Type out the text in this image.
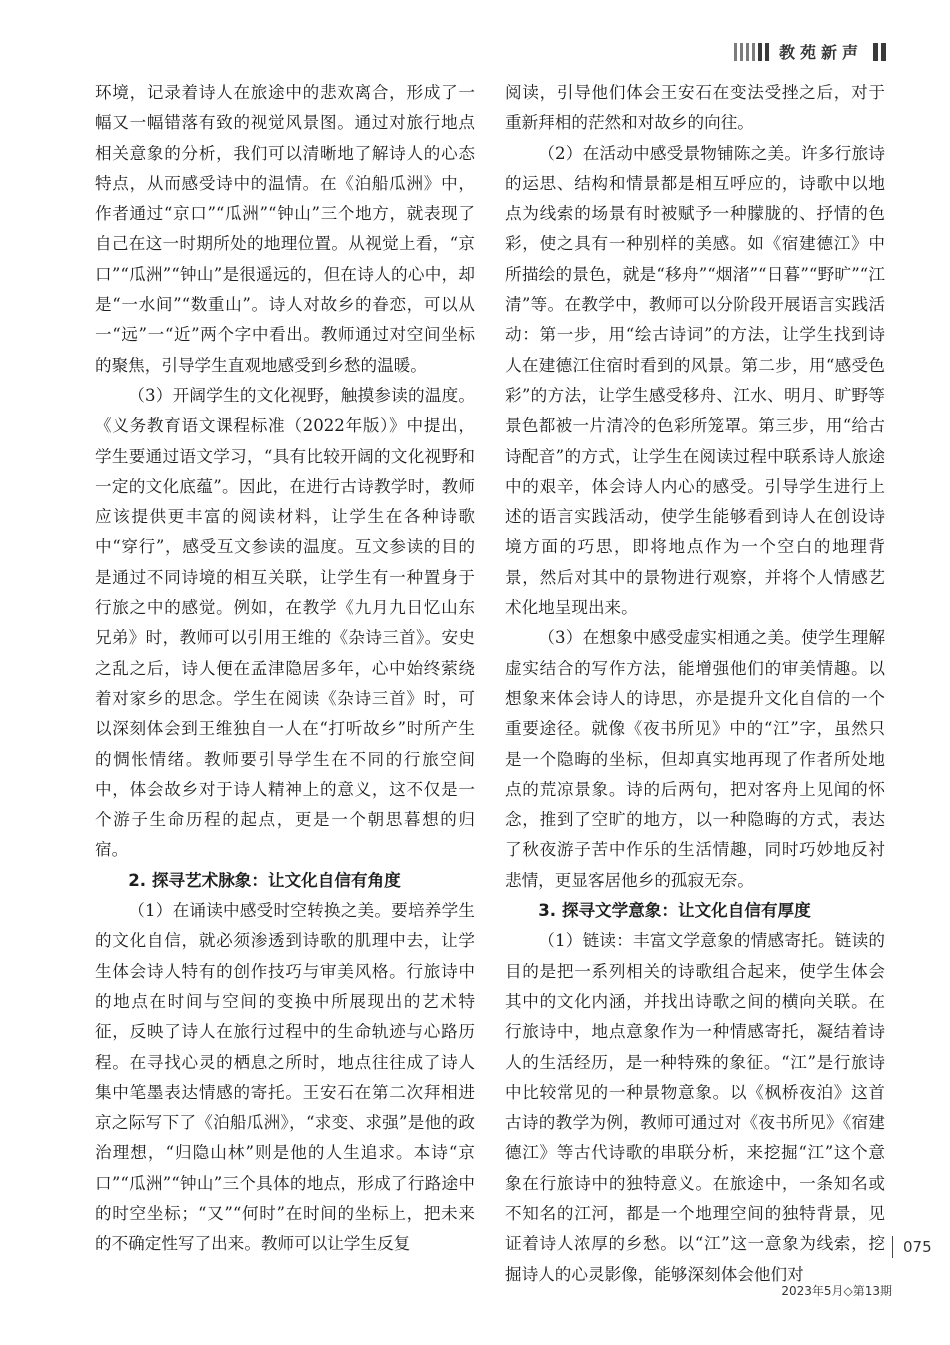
教苑新声

环境，记录着诗人在旅途中的悲欢离合，形成了一幅又一幅错落有致的视觉风景图。通过对旅行地点相关意象的分析，我们可以清晰地了解诗人的心态特点，从而感受诗中的温情。在《泊船瓜洲》中，作者通过“京口”“瓜洲”“钟山”三个地方，就表现了自己在这一时期所处的地理位置。从视觉上看，“京口”“瓜洲”“钟山”是很遥远的，但在诗人的心中，却是“一水间”“数重山”。诗人对故乡的眷恋，可以从一“远”一“近”两个字中看出。教师通过对空间坐标的聚焦，引导学生直观地感受到乡愁的温暖。

（3）开阔学生的文化视野，触摸参读的温度。《义务教育语文课程标准（2022年版）》中提出，学生要通过语文学习，“具有比较开阔的文化视野和一定的文化底蕴”。因此，在进行古诗教学时，教师应该提供更丰富的阅读材料，让学生在各种诗歌中“穿行”，感受互文参读的温度。互文参读的目的是通过不同诗境的相互关联，让学生有一种置身于行旅之中的感觉。例如，在教学《九月九日忆山东兄弟》时，教师可以引用王维的《杂诗三首》。安史之乱之后，诗人便在孟津隐居多年，心中始终萦绕着对家乡的思念。学生在阅读《杂诗三首》时，可以深刻体会到王维独自一人在“打听故乡”时所产生的惆怅情绪。教师要引导学生在不同的行旅空间中，体会故乡对于诗人精神上的意义，这不仅是一个游子生命历程的起点，更是一个朝思暮想的归宿。

2. 探寻艺术脉象：让文化自信有角度

（1）在诵读中感受时空转换之美。要培养学生的文化自信，就必须渗透到诗歌的肌理中去，让学生体会诗人特有的创作技巧与审美风格。行旅诗中的地点在时间与空间的变换中所展现出的艺术特征，反映了诗人在旅行过程中的生命轨迹与心路历程。在寻找心灵的栖息之所时，地点往往成了诗人集中笔墨表达情感的寄托。王安石在第二次拜相进京之际写下了《泊船瓜洲》，“求变、求强”是他的政治理想，“归隐山林”则是他的人生追求。本诗“京口”“瓜洲”“钟山”三个具体的地点，形成了行路途中的时空坐标；“又”“何时”在时间的坐标上，把未来的不确定性写了出来。教师可以让学生反复

阅读，引导他们体会王安石在变法受挫之后，对于重新拜相的茫然和对故乡的向往。

（2）在活动中感受景物铺陈之美。许多行旅诗的运思、结构和情景都是相互呼应的，诗歌中以地点为线索的场景有时被赋予一种朦胧的、抒情的色彩，使之具有一种别样的美感。如《宿建德江》中所描绘的景色，就是“移舟”“烟渚”“日暮”“野旷”“江清”等。在教学中，教师可以分阶段开展语言实践活动：第一步，用“绘古诗词”的方法，让学生找到诗人在建德江住宿时看到的风景。第二步，用“感受色彩”的方法，让学生感受移舟、江水、明月、旷野等景色都被一片清冷的色彩所笼罩。第三步，用“给古诗配音”的方式，让学生在阅读过程中联系诗人旅途中的艰辛，体会诗人内心的感受。引导学生进行上述的语言实践活动，使学生能够看到诗人在创设诗境方面的巧思，即将地点作为一个空白的地理背景，然后对其中的景物进行观察，并将个人情感艺术化地呈现出来。

（3）在想象中感受虚实相通之美。使学生理解虚实结合的写作方法，能增强他们的审美情趣。以想象来体会诗人的诗思，亦是提升文化自信的一个重要途径。就像《夜书所见》中的“江”字，虽然只是一个隐晦的坐标，但却真实地再现了作者所处地点的荒凉景象。诗的后两句，把对客舟上见闻的怀念，推到了空旷的地方，以一种隐晦的方式，表达了秋夜游子苦中作乐的生活情趣，同时巧妙地反衬悲情，更显客居他乡的孤寂无奈。

3. 探寻文学意象：让文化自信有厚度

（1）链读：丰富文学意象的情感寄托。链读的目的是把一系列相关的诗歌组合起来，使学生体会其中的文化内涵，并找出诗歌之间的横向关联。在行旅诗中，地点意象作为一种情感寄托，凝结着诗人的生活经历，是一种特殊的象征。“江”是行旅诗中比较常见的一种景物意象。以《枫桥夜泊》这首古诗的教学为例，教师可通过对《夜书所见》《宿建德江》等古代诗歌的串联分析，来挖掘“江”这个意象在行旅诗中的独特意义。在旅途中，一条知名或不知名的江河，都是一个地理空间的独特背景，见证着诗人浓厚的乡愁。以“江”这一意象为线索，挖掘诗人的心灵影像，能够深刻体会他们对

075
2023年5月◇第13期
